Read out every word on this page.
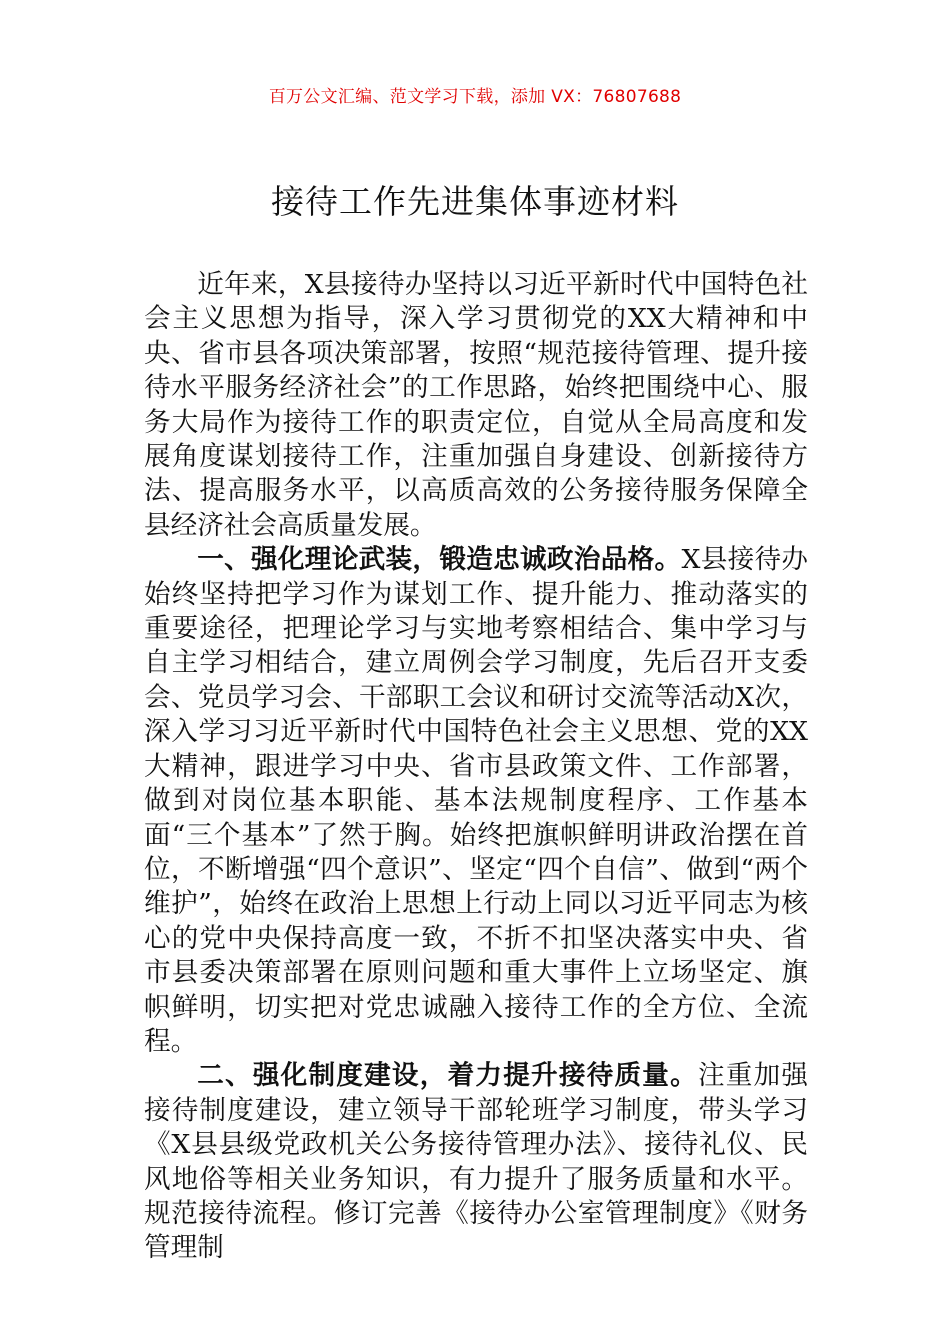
百万公文汇编、范文学习下载，添加 VX：76807688
接待工作先进集体事迹材料

近年来，X县接待办坚持以习近平新时代中国特色社会主义思想为指导，深入学习贯彻党的XX大精神和中央、省市县各项决策部署，按照“规范接待管理、提升接待水平服务经济社会”的工作思路，始终把围绕中心、服务大局作为接待工作的职责定位，自觉从全局高度和发展角度谋划接待工作，注重加强自身建设、创新接待方法、提高服务水平，以高质高效的公务接待服务保障全县经济社会高质量发展。

一、强化理论武装，锻造忠诚政治品格。X县接待办始终坚持把学习作为谋划工作、提升能力、推动落实的重要途径，把理论学习与实地考察相结合、集中学习与自主学习相结合，建立周例会学习制度，先后召开支委会、党员学习会、干部职工会议和研讨交流等活动X次，深入学习习近平新时代中国特色社会主义思想、党的XX大精神，跟进学习中央、省市县政策文件、工作部署，做到对岗位基本职能、基本法规制度程序、工作基本面“三个基本”了然于胸。始终把旗帜鲜明讲政治摆在首位，不断增强“四个意识”、坚定“四个自信”、做到“两个维护”，始终在政治上思想上行动上同以习近平同志为核心的党中央保持高度一致，不折不扣坚决落实中央、省市县委决策部署在原则问题和重大事件上立场坚定、旗帜鲜明，切实把对党忠诚融入接待工作的全方位、全流程。

二、强化制度建设，着力提升接待质量。注重加强接待制度建设，建立领导干部轮班学习制度，带头学习《X县县级党政机关公务接待管理办法》、接待礼仪、民风地俗等相关业务知识，有力提升了服务质量和水平。规范接待流程。修订完善《接待办公室管理制度》《财务管理制
